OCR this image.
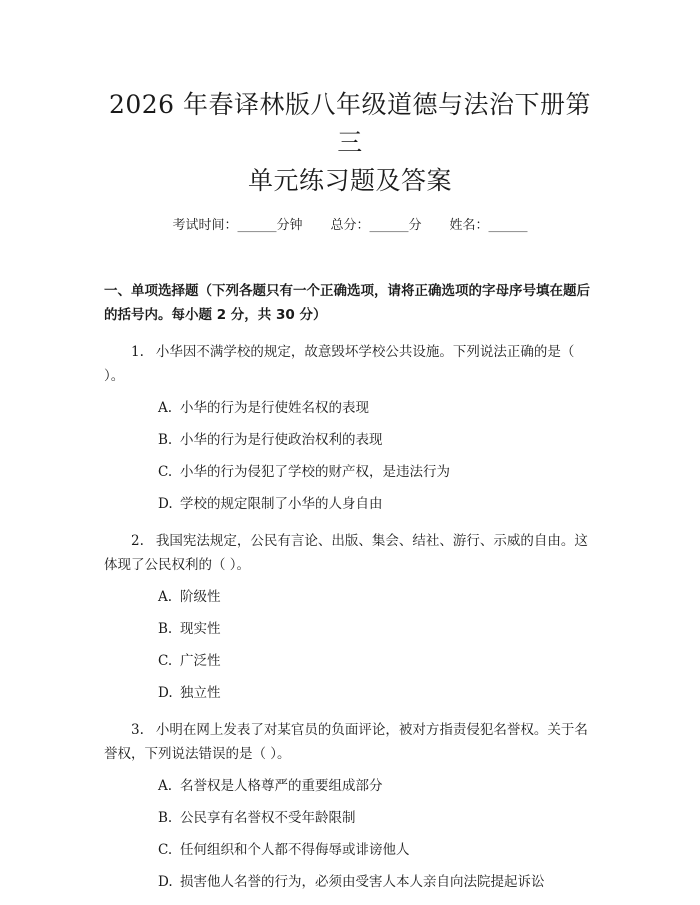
2026 年春译林版八年级道德与法治下册第三
单元练习题及答案
考试时间：______分钟 总分：______分 姓名：______
一、单项选择题（下列各题只有一个正确选项，请将正确选项的字母序号填在题后的括号内。每小题 2 分，共 30 分）

1. 小华因不满学校的规定，故意毁坏学校公共设施。下列说法正确的是（ ）。

A. 小华的行为是行使姓名权的表现
B. 小华的行为是行使政治权利的表现
C. 小华的行为侵犯了学校的财产权，是违法行为
D. 学校的规定限制了小华的人身自由

2. 我国宪法规定，公民有言论、出版、集会、结社、游行、示威的自由。这体现了公民权利的（ ）。

A. 阶级性
B. 现实性
C. 广泛性
D. 独立性

3. 小明在网上发表了对某官员的负面评论，被对方指责侵犯名誉权。关于名誉权，下列说法错误的是（ ）。

A. 名誉权是人格尊严的重要组成部分
B. 公民享有名誉权不受年龄限制
C. 任何组织和个人都不得侮辱或诽谤他人
D. 损害他人名誉的行为，必须由受害人本人亲自向法院提起诉讼
